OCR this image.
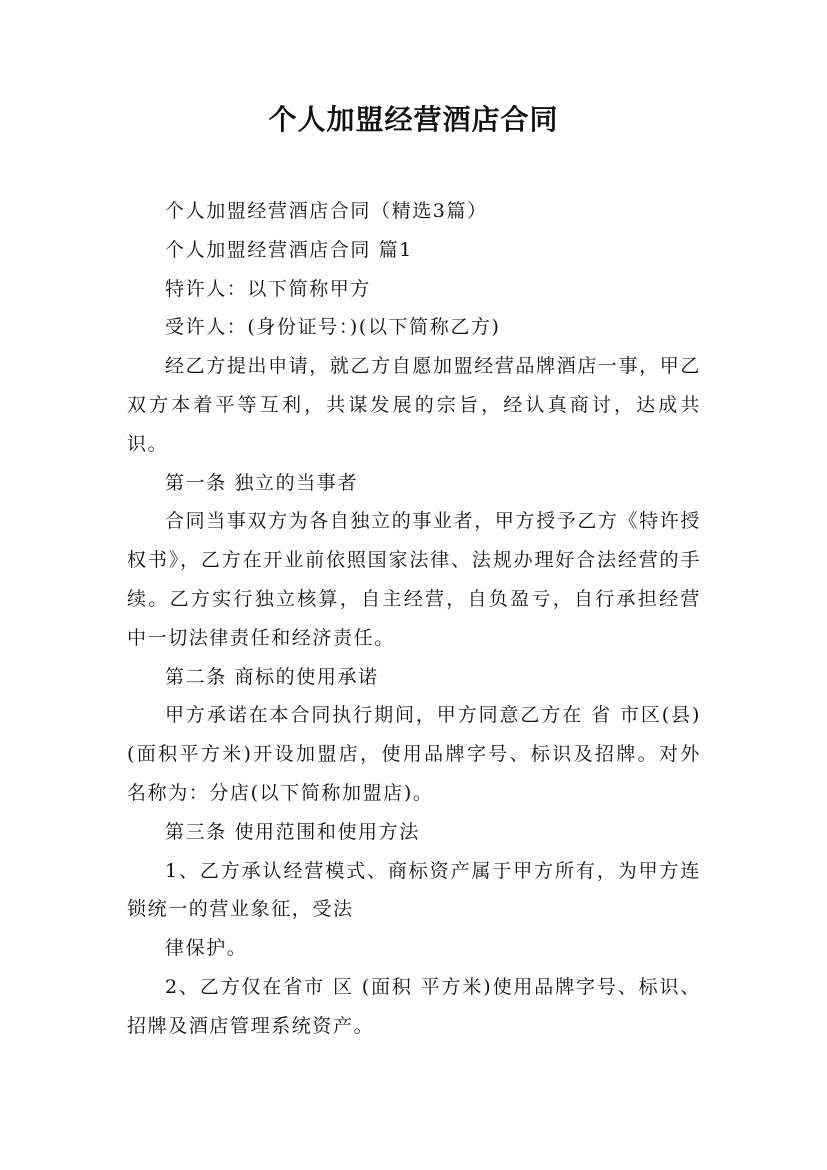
个人加盟经营酒店合同

个人加盟经营酒店合同（精选3篇）

个人加盟经营酒店合同 篇1

特许人：以下简称甲方

受许人：(身份证号：)(以下简称乙方)

经乙方提出申请，就乙方自愿加盟经营品牌酒店一事，甲乙双方本着平等互利，共谋发展的宗旨，经认真商讨，达成共识。

第一条 独立的当事者

合同当事双方为各自独立的事业者，甲方授予乙方《特许授权书》，乙方在开业前依照国家法律、法规办理好合法经营的手续。乙方实行独立核算，自主经营，自负盈亏，自行承担经营中一切法律责任和经济责任。

第二条 商标的使用承诺

甲方承诺在本合同执行期间，甲方同意乙方在 省 市区(县)(面积平方米)开设加盟店，使用品牌字号、标识及招牌。对外名称为：分店(以下简称加盟店)。

第三条 使用范围和使用方法

1、乙方承认经营模式、商标资产属于甲方所有，为甲方连锁统一的营业象征，受法

律保护。

2、乙方仅在省市 区 (面积 平方米)使用品牌字号、标识、招牌及酒店管理系统资产。
